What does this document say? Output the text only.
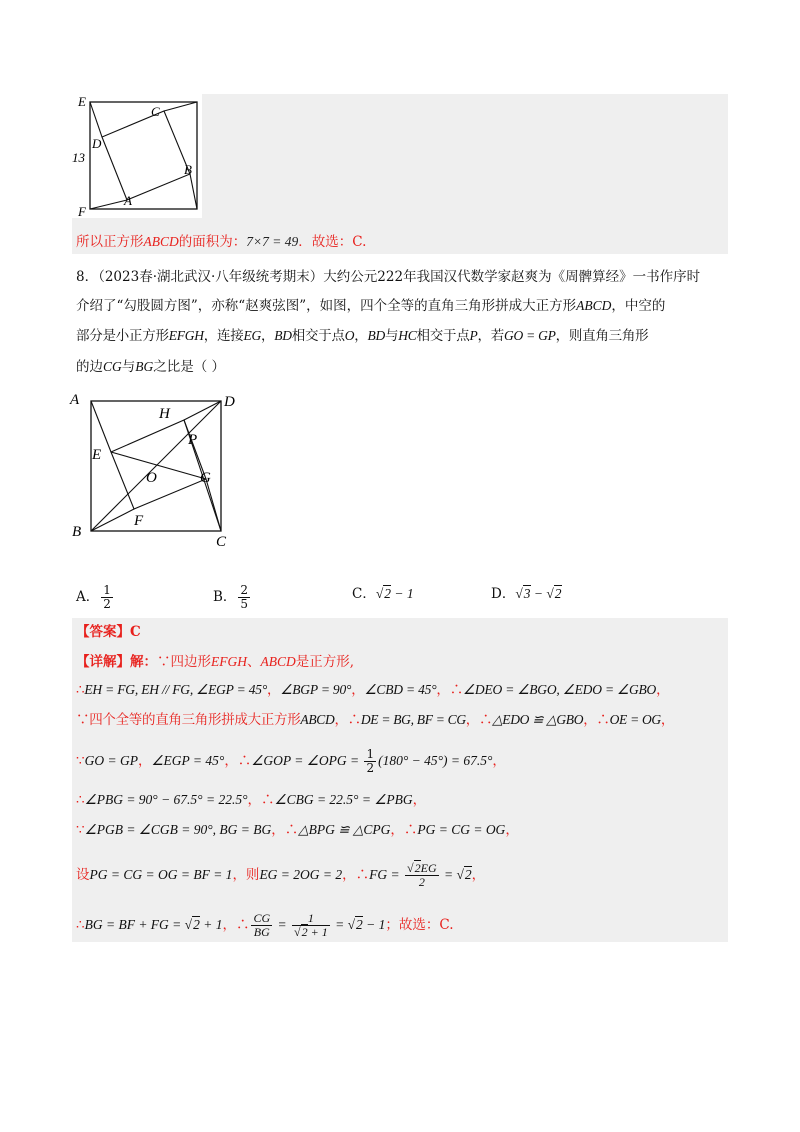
E
C
D
B
A
F
13
所以正方形ABCD的面积为：7×7 = 49．故选：C.
8．（2023春·湖北武汉·八年级统考期末）大约公元222年我国汉代数学家赵爽为《周髀算经》一书作序时
介绍了“勾股圆方图”，亦称“赵爽弦图”，如图，四个全等的直角三角形拼成大正方形ABCD，中空的
部分是小正方形EFGH，连接EG，BD相交于点O，BD与HC相交于点P，若GO = GP，则直角三角形
的边CG与BG之比是（ ）
A	D
H
P
E
O	G
F
B
C
A． $\frac{1}{2}$	B． $\frac{2}{5}$	C．√2 − 1	D．√3 − √2
【答案】C
【详解】解：∵四边形EFGH、ABCD是正方形,
∴EH = FG, EH // FG, ∠EGP = 45°，∠BGP = 90°，∠CBD = 45°，∴∠DEO = ∠BGO, ∠EDO = ∠GBO，
∵四个全等的直角三角形拼成大正方形ABCD，∴DE = BG, BF = CG，∴△EDO ≌ △GBO，∴OE = OG，
∵GO = GP，∠EGP = 45°，∴∠GOP = ∠OPG = $\frac{1}{2} (180^\circ - 45^\circ) = 67.5^\circ$，
∴∠PBG = 90° − 67.5° = 22.5°，∴∠CBG = 22.5° = ∠PBG，
∵∠PGB = ∠CGB = 90°, BG = BG，∴△BPG ≌ △CPG，∴PG = CG = OG，
设PG = CG = OG = BF = 1，则EG = 2OG = 2，∴FG = $\frac{√2EG}{2} = √2$，
∴BG = BF + FG = √2 + 1，∴ $\frac{CG}{BG} = \frac{1}{√2 + 1} = √2 - 1$；故选：C.
